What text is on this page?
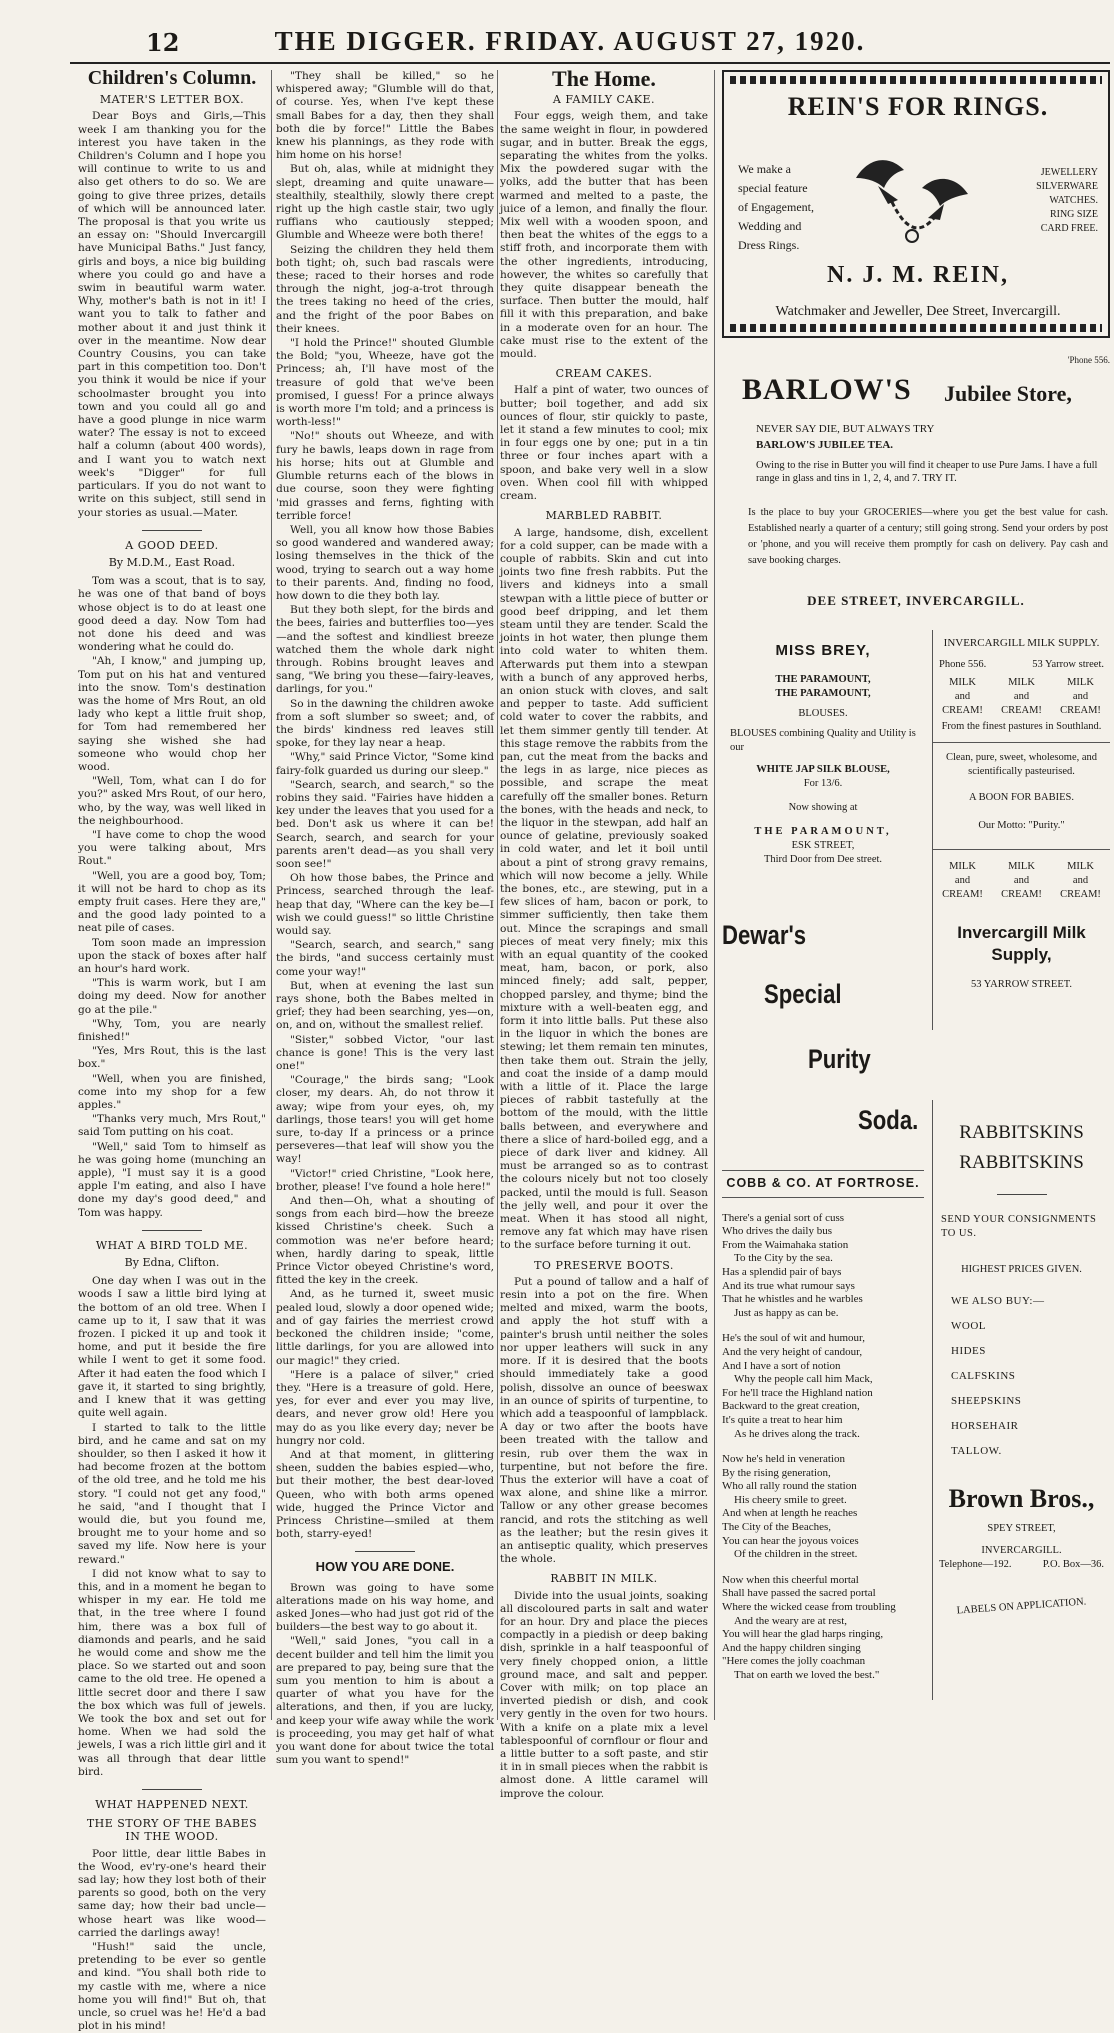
12	THE DIGGER. FRIDAY. AUGUST 27, 1920.
Children's Column.
MATER'S LETTER BOX.

Dear Boys and Girls,—This week I am thanking you for the interest you have taken in the Children's Column and I hope you will continue to write to us and also get others to do so. We are going to give three prizes, details of which will be announced later. The proposal is that you write us an essay on: "Should Invercargill have Municipal Baths." Just fancy, girls and boys, a nice big building where you could go and have a swim in beautiful warm water. Why, mother's bath is not in it! I want you to talk to father and mother about it and just think it over in the meantime. Now dear Country Cousins, you can take part in this competition too. Don't you think it would be nice if your schoolmaster brought you into town and you could all go and have a good plunge in nice warm water? The essay is not to exceed half a column (about 400 words), and I want you to watch next week's "Digger" for full particulars. If you do not want to write on this subject, still send in your stories as usual.—Mater.

A GOOD DEED.
By M.D.M., East Road.

Tom was a scout, that is to say, he was one of that band of boys whose object is to do at least one good deed a day. Now Tom had not done his deed and was wondering what he could do.

"Ah, I know," and jumping up, Tom put on his hat and ventured into the snow. Tom's destination was the home of Mrs Rout, an old lady who kept a little fruit shop, for Tom had remembered her saying she wished she had someone who would chop her wood.

"Well, Tom, what can I do for you?" asked Mrs Rout, of our hero, who, by the way, was well liked in the neighbourhood.

"I have come to chop the wood you were talking about, Mrs Rout."

"Well, you are a good boy, Tom; it will not be hard to chop as its empty fruit cases. Here they are," and the good lady pointed to a neat pile of cases.

Tom soon made an impression upon the stack of boxes after half an hour's hard work.

"This is warm work, but I am doing my deed. Now for another go at the pile."

"Why, Tom, you are nearly finished!"

"Yes, Mrs Rout, this is the last box."

"Well, when you are finished, come into my shop for a few apples."

"Thanks very much, Mrs Rout," said Tom putting on his coat.

"Well," said Tom to himself as he was going home (munching an apple), "I must say it is a good apple I'm eating, and also I have done my day's good deed," and Tom was happy.

WHAT A BIRD TOLD ME.
By Edna, Clifton.

One day when I was out in the woods I saw a little bird lying at the bottom of an old tree. When I came up to it, I saw that it was frozen. I picked it up and took it home, and put it beside the fire while I went to get it some food. After it had eaten the food which I gave it, it started to sing brightly, and I knew that it was getting quite well again.

I started to talk to the little bird, and he came and sat on my shoulder, so then I asked it how it had become frozen at the bottom of the old tree, and he told me his story. "I could not get any food," he said, "and I thought that I would die, but you found me, brought me to your home and so saved my life. Now here is your reward."

I did not know what to say to this, and in a moment he began to whisper in my ear. He told me that, in the tree where I found him, there was a box full of diamonds and pearls, and he said he would come and show me the place. So we started out and soon came to the old tree. He opened a little secret door and there I saw the box which was full of jewels. We took the box and set out for home. When we had sold the jewels, I was a rich little girl and it was all through that dear little bird.

WHAT HAPPENED NEXT.
THE STORY OF THE BABES IN THE WOOD.

Poor little, dear little Babes in the Wood, ev'ry-one's heard their sad lay; how they lost both of their parents so good, both on the very same day; how their bad uncle—whose heart was like wood—carried the darlings away!

"Hush!" said the uncle, pretending to be ever so gentle and kind. "You shall both ride to my castle with me, where a nice home you will find!" But oh, that uncle, so cruel was he! He'd a bad plot in his mind!

"They shall be killed," so he whispered away; "Glumble will do that, of course. Yes, when I've kept these small Babes for a day, then they shall both die by force!" Little the Babes knew his plannings, as they rode with him home on his horse!

But oh, alas, while at midnight they slept, dreaming and quite unaware—stealthily, stealthily, slowly there crept right up the high castle stair, two ugly ruffians who cautiously stepped; Glumble and Wheeze were both there!

Seizing the children they held them both tight; oh, such bad rascals were these; raced to their horses and rode through the night, jog-a-trot through the trees taking no heed of the cries, and the fright of the poor Babes on their knees.

"I hold the Prince!" shouted Glumble the Bold; "you, Wheeze, have got the Princess; ah, I'll have most of the treasure of gold that we've been promised, I guess! For a prince always is worth more I'm told; and a princess is worth-less!"

"No!" shouts out Wheeze, and with fury he bawls, leaps down in rage from his horse; hits out at Glumble and Glumble returns each of the blows in due course, soon they were fighting 'mid grasses and ferns, fighting with terrible force!

Well, you all know how those Babies so good wandered and wandered away; losing themselves in the thick of the wood, trying to search out a way home to their parents. And, finding no food, how down to die they both lay.

But they both slept, for the birds and the bees, fairies and butterflies too—yes—and the softest and kindliest breeze watched them the whole dark night through. Robins brought leaves and sang, "We bring you these—fairy-leaves, darlings, for you."

So in the dawning the children awoke from a soft slumber so sweet; and, of the birds' kindness red leaves still spoke, for they lay near a heap.

"Why," said Prince Victor, "Some kind fairy-folk guarded us during our sleep."

"Search, search, and search," so the robins they said. "Fairies have hidden a key under the leaves that you used for a bed. Don't ask us where it can be! Search, search, and search for your parents aren't dead—as you shall very soon see!"

Oh how those babes, the Prince and Princess, searched through the leaf-heap that day, "Where can the key be—I wish we could guess!" so little Christine would say.

"Search, search, and search," sang the birds, "and success certainly must come your way!"

But, when at evening the last sun rays shone, both the Babes melted in grief; they had been searching, yes—on, on, and on, without the smallest relief.

"Sister," sobbed Victor, "our last chance is gone! This is the very last one!"

"Courage," the birds sang; "Look closer, my dears. Ah, do not throw it away; wipe from your eyes, oh, my darlings, those tears! you will get home sure, to-day If a princess or a prince perseveres—that leaf will show you the way!

"Victor!" cried Christine, "Look here, brother, please! I've found a hole here!"

And then—Oh, what a shouting of songs from each bird—how the breeze kissed Christine's cheek. Such a commotion was ne'er before heard; when, hardly daring to speak, little Prince Victor obeyed Christine's word, fitted the key in the creek.

And, as he turned it, sweet music pealed loud, slowly a door opened wide; and of gay fairies the merriest crowd beckoned the children inside; "come, little darlings, for you are allowed into our magic!" they cried.

"Here is a palace of silver," cried they. "Here is a treasure of gold. Here, yes, for ever and ever you may live, dears, and never grow old! Here you may do as you like every day; never be hungry nor cold.

And at that moment, in glittering sheen, sudden the babies espied—who, but their mother, the best dear-loved Queen, who with both arms opened wide, hugged the Prince Victor and Princess Christine—smiled at them both, starry-eyed!

HOW YOU ARE DONE.

Brown was going to have some alterations made on his way home, and asked Jones—who had just got rid of the builders—the best way to go about it.

"Well," said Jones, "you call in a decent builder and tell him the limit you are prepared to pay, being sure that the sum you mention to him is about a quarter of what you have for the alterations, and then, if you are lucky, and keep your wife away while the work is proceeding, you may get half of what you want done for about twice the total sum you want to spend!"

The Home.
A FAMILY CAKE.

Four eggs, weigh them, and take the same weight in flour, in powdered sugar, and in butter. Break the eggs, separating the whites from the yolks. Mix the powdered sugar with the yolks, add the butter that has been warmed and melted to a paste, the juice of a lemon, and finally the flour. Mix well with a wooden spoon, and then beat the whites of the eggs to a stiff froth, and incorporate them with the other ingredients, introducing, however, the whites so carefully that they quite disappear beneath the surface. Then butter the mould, half fill it with this preparation, and bake in a moderate oven for an hour. The cake must rise to the extent of the mould.

CREAM CAKES.

Half a pint of water, two ounces of butter; boil together, and add six ounces of flour, stir quickly to paste, let it stand a few minutes to cool; mix in four eggs one by one; put in a tin three or four inches apart with a spoon, and bake very well in a slow oven. When cool fill with whipped cream.

MARBLED RABBIT.

A large, handsome, dish, excellent for a cold supper, can be made with a couple of rabbits. Skin and cut into joints two fine fresh rabbits. Put the livers and kidneys into a small stewpan with a little piece of butter or good beef dripping, and let them steam until they are tender. Scald the joints in hot water, then plunge them into cold water to whiten them. Afterwards put them into a stewpan with a bunch of any approved herbs, an onion stuck with cloves, and salt and pepper to taste. Add sufficient cold water to cover the rabbits, and let them simmer gently till tender. At this stage remove the rabbits from the pan, cut the meat from the backs and the legs in as large, nice pieces as possible, and scrape the meat carefully off the smaller bones. Return the bones, with the heads and neck, to the liquor in the stewpan, add half an ounce of gelatine, previously soaked in cold water, and let it boil until about a pint of strong gravy remains, which will now become a jelly. While the bones, etc., are stewing, put in a few slices of ham, bacon or pork, to simmer sufficiently, then take them out. Mince the scrapings and small pieces of meat very finely; mix this with an equal quantity of the cooked meat, ham, bacon, or pork, also minced finely; add salt, pepper, chopped parsley, and thyme; bind the mixture with a well-beaten egg, and form it into little balls. Put these also in the liquor in which the bones are stewing; let them remain ten minutes, then take them out. Strain the jelly, and coat the inside of a damp mould with a little of it. Place the large pieces of rabbit tastefully at the bottom of the mould, with the little balls between, and everywhere and there a slice of hard-boiled egg, and a piece of dark liver and kidney. All must be arranged so as to contrast the colours nicely but not too closely packed, until the mould is full. Season the jelly well, and pour it over the meat. When it has stood all night, remove any fat which may have risen to the surface before turning it out.

TO PRESERVE BOOTS.

Put a pound of tallow and a half of resin into a pot on the fire. When melted and mixed, warm the boots, and apply the hot stuff with a painter's brush until neither the soles nor upper leathers will suck in any more. If it is desired that the boots should immediately take a good polish, dissolve an ounce of beeswax in an ounce of spirits of turpentine, to which add a teaspoonful of lampblack. A day or two after the boots have been treated with the tallow and resin, rub over them the wax in turpentine, but not before the fire. Thus the exterior will have a coat of wax alone, and shine like a mirror. Tallow or any other grease becomes rancid, and rots the stitching as well as the leather; but the resin gives it an antiseptic quality, which preserves the whole.

RABBIT IN MILK.

Divide into the usual joints, soaking all discoloured parts in salt and water for an hour. Dry and place the pieces compactly in a piedish or deep baking dish, sprinkle in a half teaspoonful of very finely chopped onion, a little ground mace, and salt and pepper. Cover with milk; on top place an inverted piedish or dish, and cook very gently in the oven for two hours. With a knife on a plate mix a level tablespoonful of cornflour or flour and a little butter to a soft paste, and stir it in in small pieces when the rabbit is almost done. A little caramel will improve the colour.

REIN'S FOR RINGS.
We make a
special feature
of Engagement,
Wedding and
Dress Rings.
JEWELLERY
SILVERWARE
WATCHES.
RING SIZE
CARD FREE.
N. J. M. REIN,
Watchmaker and Jeweller, Dee Street, Invercargill.
'Phone 556.
BARLOW'S Jubilee Store,
NEVER SAY DIE, BUT ALWAYS TRY
BARLOW'S JUBILEE TEA.
Owing to the rise in Butter you will find it cheaper to use Pure Jams. I have a full range in glass and tins in 1, 2, 4, and 7. TRY IT.
Is the place to buy your GROCERIES—where you get the best value for cash. Established nearly a quarter of a century; still going strong. Send your orders by post or 'phone, and you will receive them promptly for cash on delivery. Pay cash and save booking charges.
DEE STREET, INVERCARGILL.
MISS BREY,
THE PARAMOUNT,
THE PARAMOUNT,
BLOUSES.
BLOUSES combining Quality and Utility is our
WHITE JAP SILK BLOUSE,
For 13/6.
Now showing at
THE PARAMOUNT,
ESK STREET,
Third Door from Dee street.
INVERCARGILL MILK SUPPLY.
Phone 556.	53 Yarrow street.
MILK
and
CREAM!
MILK
and
CREAM!
MILK
and
CREAM!
From the finest pastures in Southland.
Clean, pure, sweet, wholesome, and scientifically pasteurised.
A BOON FOR BABIES.
Our Motto: "Purity."
MILK
and
CREAM!
MILK
and
CREAM!
MILK
and
CREAM!
Invercargill Milk Supply,
53 YARROW STREET.
Dewar's
Special
Purity
Soda.
COBB & CO. AT FORTROSE.
There's a genial sort of cuss
Who drives the daily bus
From the Waimahaka station
To the City by the sea.
Has a splendid pair of bays
And its true what rumour says
That he whistles and he warbles
Just as happy as can be.
He's the soul of wit and humour,
And the very height of candour,
And I have a sort of notion
Why the people call him Mack,
For he'll trace the Highland nation
Backward to the great creation,
It's quite a treat to hear him
As he drives along the track.
Now he's held in veneration
By the rising generation,
Who all rally round the station
His cheery smile to greet.
And when at length he reaches
The City of the Beaches,
You can hear the joyous voices
Of the children in the street.
Now when this cheerful mortal
Shall have passed the sacred portal
Where the wicked cease from troubling
And the weary are at rest,
You will hear the glad harps ringing,
And the happy children singing
"Here comes the jolly coachman
That on earth we loved the best."
RABBITSKINS
RABBITSKINS
SEND YOUR CONSIGNMENTS TO US.
HIGHEST PRICES GIVEN.
WE ALSO BUY:—
WOOL
HIDES
CALFSKINS
SHEEPSKINS
HORSEHAIR
TALLOW.
Brown Bros.,
SPEY STREET,
INVERCARGILL.
Telephone—192.	P.O. Box—36.
LABELS ON APPLICATION.
